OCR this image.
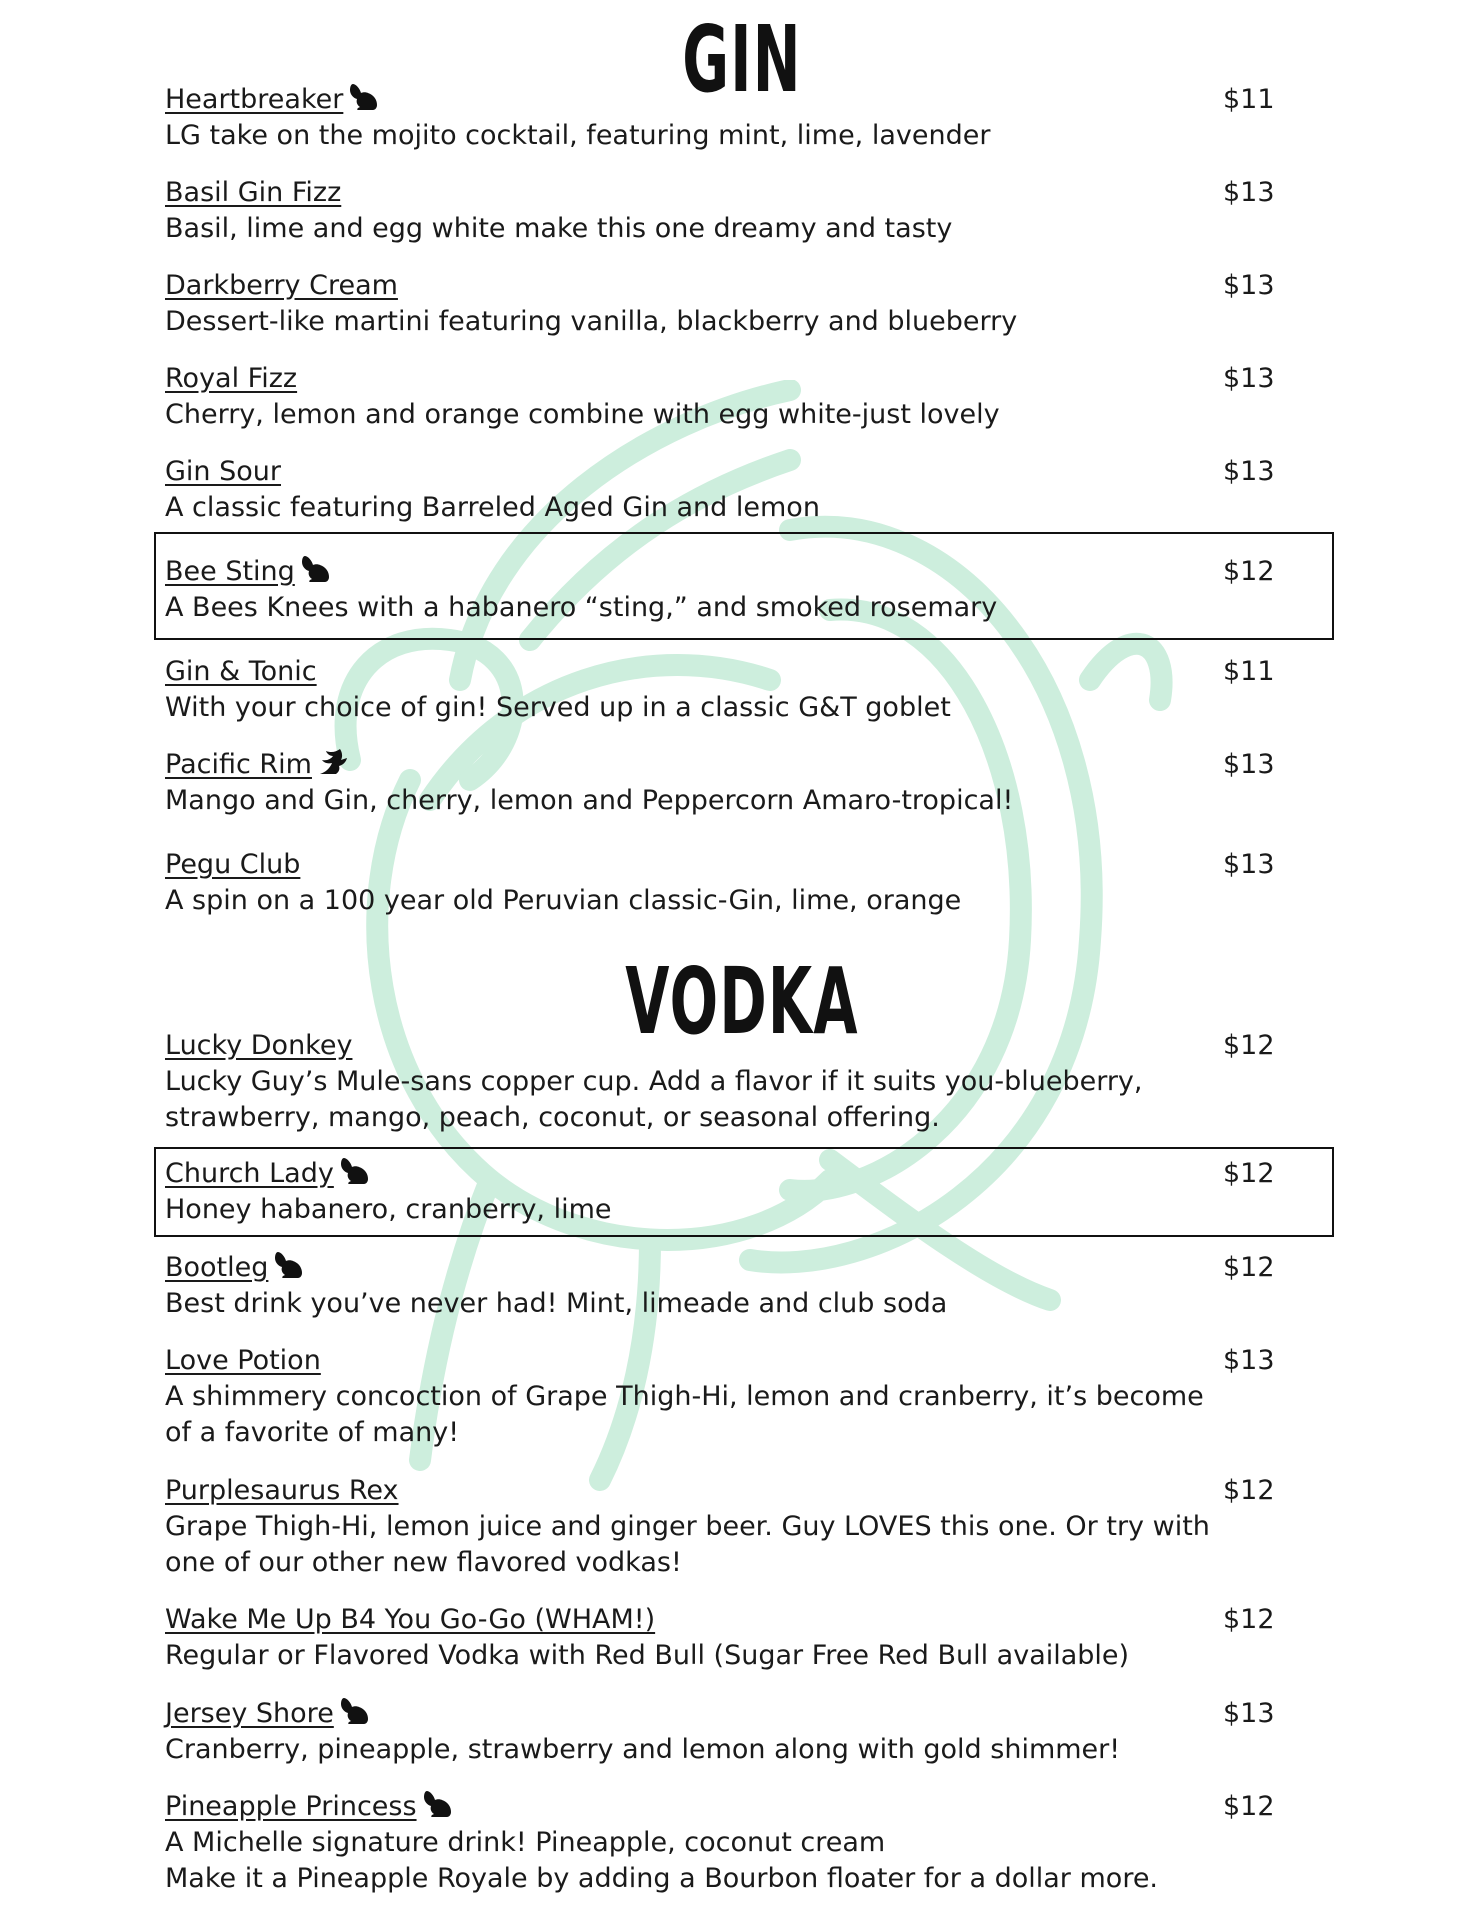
GIN
Heartbreaker	$11
LG take on the mojito cocktail, featuring mint, lime, lavender
Basil Gin Fizz	$13
Basil, lime and egg white make this one dreamy and tasty
Darkberry Cream	$13
Dessert-like martini featuring vanilla, blackberry and blueberry
Royal Fizz	$13
Cherry, lemon and orange combine with egg white-just lovely
Gin Sour	$13
A classic featuring Barreled Aged Gin and lemon
Bee Sting	$12
A Bees Knees with a habanero “sting,” and smoked rosemary
Gin & Tonic	$11
With your choice of gin! Served up in a classic G&T goblet
Pacific Rim	$13
Mango and Gin, cherry, lemon and Peppercorn Amaro-tropical!
Pegu Club	$13
A spin on a 100 year old Peruvian classic-Gin, lime, orange
VODKA
Lucky Donkey	$12
Lucky Guy’s Mule-sans copper cup. Add a flavor if it suits you-blueberry,
strawberry, mango, peach, coconut, or seasonal offering.
Church Lady	$12
Honey habanero, cranberry, lime
Bootleg	$12
Best drink you’ve never had! Mint, limeade and club soda
Love Potion	$13
A shimmery concoction of Grape Thigh-Hi, lemon and cranberry, it’s become
of a favorite of many!
Purplesaurus Rex	$12
Grape Thigh-Hi, lemon juice and ginger beer. Guy LOVES this one. Or try with
one of our other new flavored vodkas!
Wake Me Up B4 You Go-Go (WHAM!)	$12
Regular or Flavored Vodka with Red Bull (Sugar Free Red Bull available)
Jersey Shore	$13
Cranberry, pineapple, strawberry and lemon along with gold shimmer!
Pineapple Princess	$12
A Michelle signature drink! Pineapple, coconut cream
Make it a Pineapple Royale by adding a Bourbon floater for a dollar more.
